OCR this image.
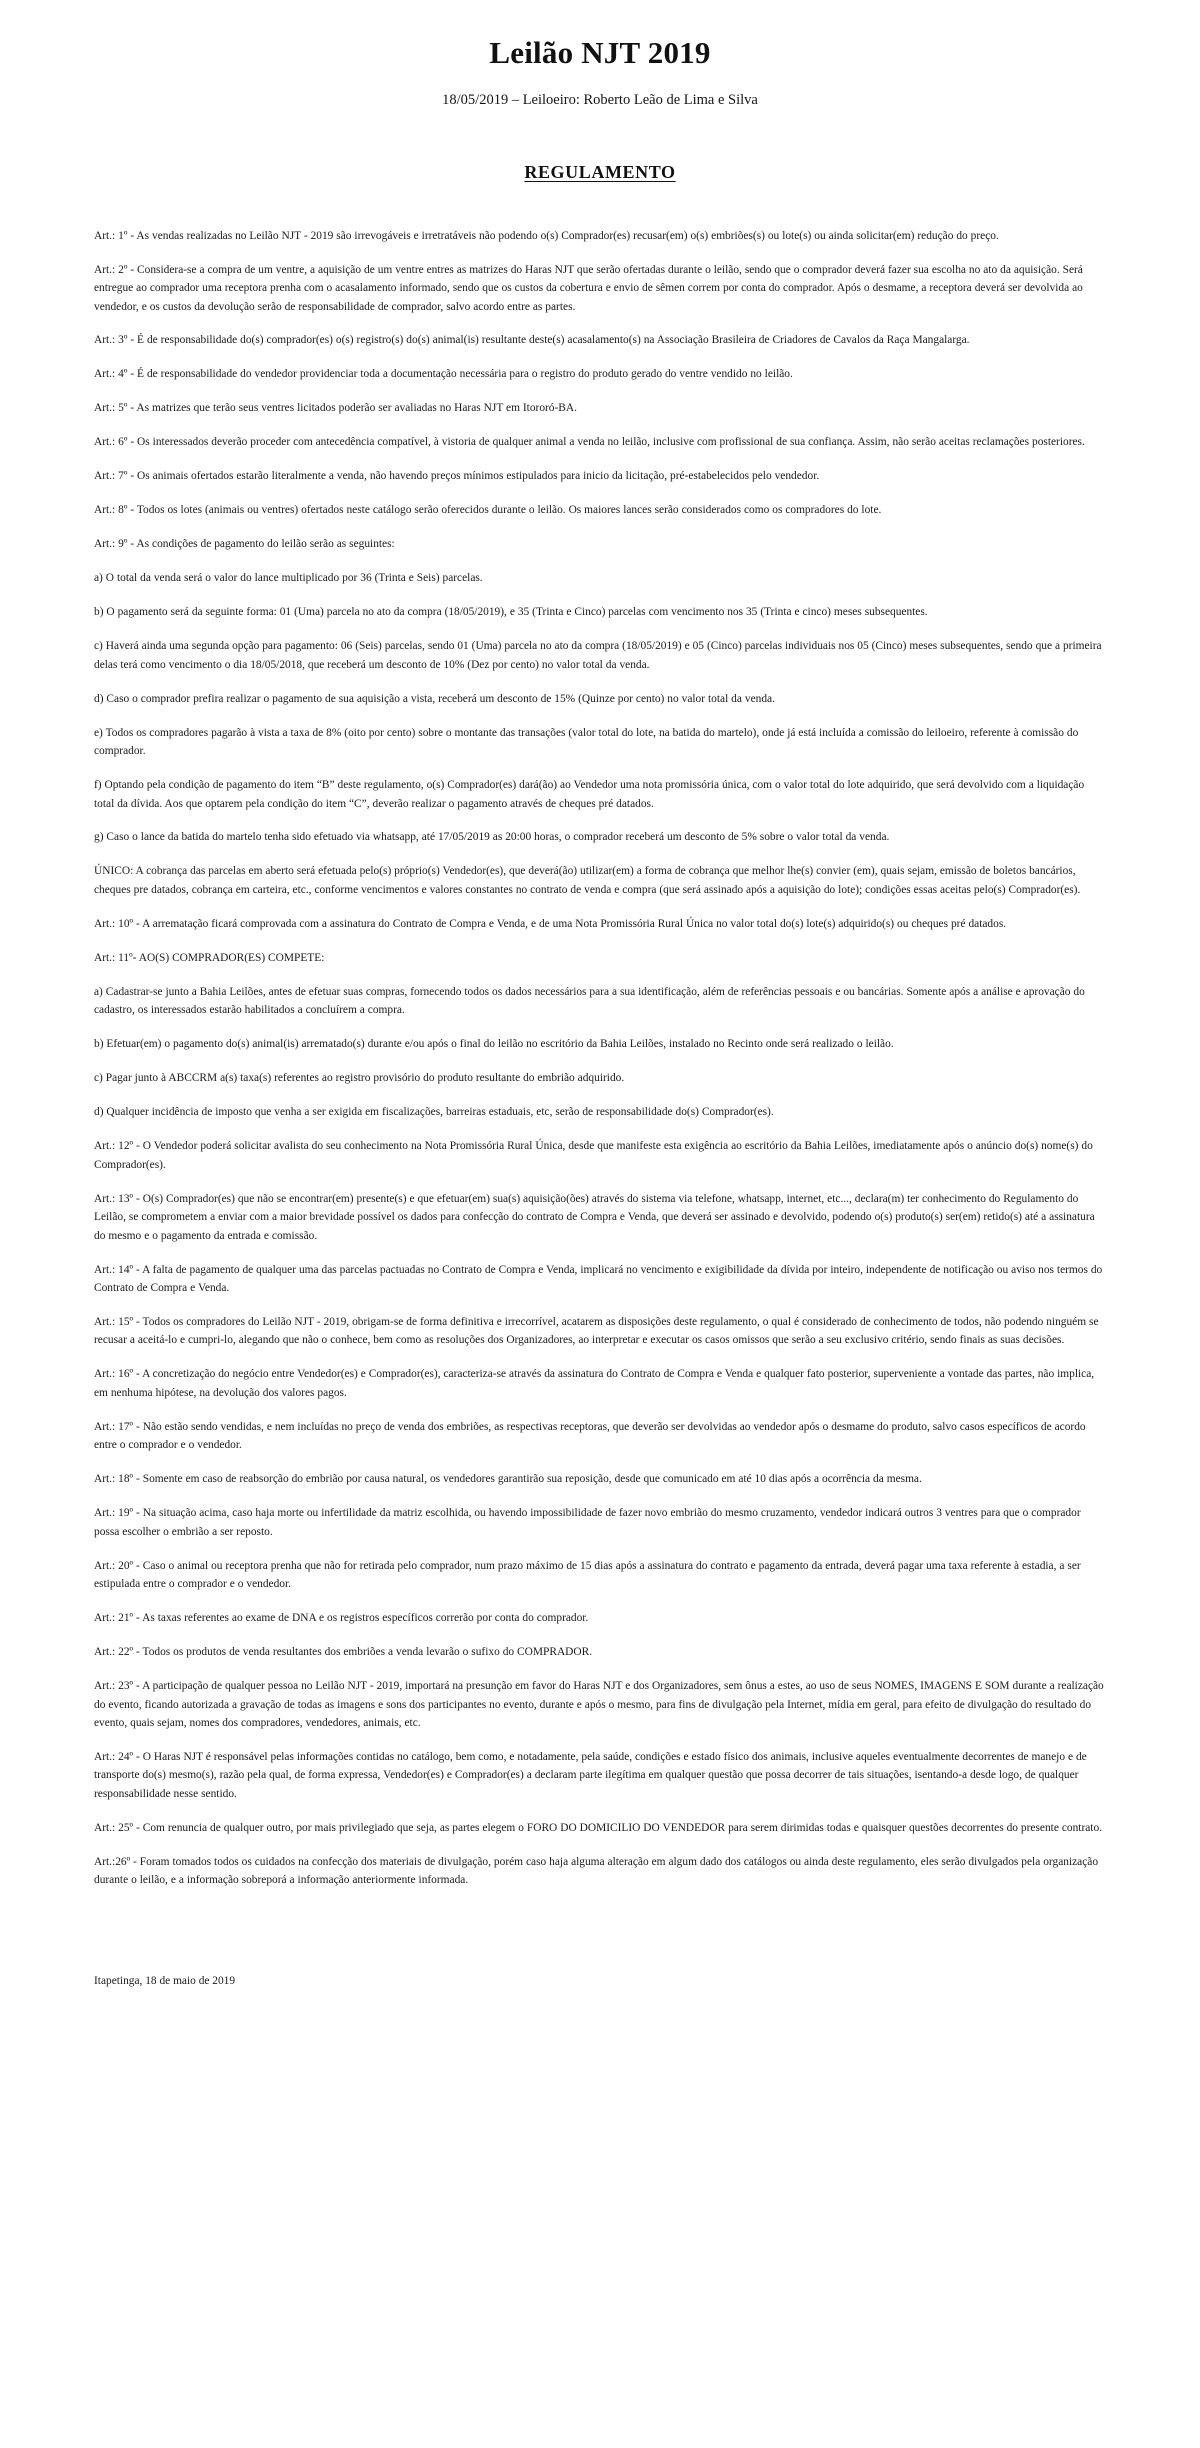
Leilão NJT 2019

18/05/2019 – Leiloeiro: Roberto Leão de Lima e Silva

REGULAMENTO

Art.: 1º - As vendas realizadas no Leilão NJT - 2019 são irrevogáveis e irretratáveis não podendo o(s) Comprador(es) recusar(em) o(s) embriões(s) ou lote(s) ou ainda solicitar(em) redução do preço.

Art.: 2º - Considera-se a compra de um ventre, a aquisição de um ventre entres as matrizes do Haras NJT que serão ofertadas durante o leilão, sendo que o comprador deverá fazer sua escolha no ato da aquisição. Será entregue ao comprador uma receptora prenha com o acasalamento informado, sendo que os custos da cobertura e envio de sêmen correm por conta do comprador. Após o desmame, a receptora deverá ser devolvida ao vendedor, e os custos da devolução serão de responsabilidade de comprador, salvo acordo entre as partes.

Art.: 3º - É de responsabilidade do(s) comprador(es) o(s) registro(s) do(s) animal(is) resultante deste(s) acasalamento(s) na Associação Brasileira de Criadores de Cavalos da Raça Mangalarga.

Art.: 4º - É de responsabilidade do vendedor providenciar toda a documentação necessária para o registro do produto gerado do ventre vendido no leilão.

Art.: 5º - As matrizes que terão seus ventres licitados poderão ser avaliadas no Haras NJT em Itororó-BA.

Art.: 6º - Os interessados deverão proceder com antecedência compatível, à vistoria de qualquer animal a venda no leilão, inclusive com profissional de sua confiança. Assim, não serão aceitas reclamações posteriores.

Art.: 7º - Os animais ofertados estarão literalmente a venda, não havendo preços mínimos estipulados para inicio da licitação, pré-estabelecidos pelo vendedor.

Art.: 8º - Todos os lotes (animais ou ventres) ofertados neste catálogo serão oferecidos durante o leilão. Os maiores lances serão considerados como os compradores do lote.

Art.: 9º - As condições de pagamento do leilão serão as seguintes:

a) O total da venda será o valor do lance multiplicado por 36 (Trinta e Seis) parcelas.

b) O pagamento será da seguinte forma: 01 (Uma) parcela no ato da compra (18/05/2019), e 35 (Trinta e Cinco) parcelas com vencimento nos 35 (Trinta e cinco) meses subsequentes.

c) Haverá ainda uma segunda opção para pagamento: 06 (Seis) parcelas, sendo 01 (Uma) parcela no ato da compra (18/05/2019) e 05 (Cinco) parcelas individuais nos 05 (Cinco) meses subsequentes, sendo que a primeira delas terá como vencimento o dia 18/05/2018, que receberá um desconto de 10% (Dez por cento) no valor total da venda.

d) Caso o comprador prefira realizar o pagamento de sua aquisição a vista, receberá um desconto de 15% (Quinze por cento) no valor total da venda.

e) Todos os compradores pagarão à vista a taxa de 8% (oito por cento) sobre o montante das transações (valor total do lote, na batida do martelo), onde já está incluída a comissão do leiloeiro, referente à comissão do comprador.

f) Optando pela condição de pagamento do item “B” deste regulamento, o(s) Comprador(es) dará(ão) ao Vendedor uma nota promissória única, com o valor total do lote adquirido, que será devolvido com a liquidação total da dívida. Aos que optarem pela condição do item “C”, deverão realizar o pagamento através de cheques pré datados.

g) Caso o lance da batida do martelo tenha sido efetuado via whatsapp, até 17/05/2019 as 20:00 horas, o comprador receberá um desconto de 5% sobre o valor total da venda.

ÚNICO: A cobrança das parcelas em aberto será efetuada pelo(s) próprio(s) Vendedor(es), que deverá(ão) utilizar(em) a forma de cobrança que melhor lhe(s) convier (em), quais sejam, emissão de boletos bancários, cheques pre datados, cobrança em carteira, etc., conforme vencimentos e valores constantes no contrato de venda e compra (que será assinado após a aquisição do lote); condições essas aceitas pelo(s) Comprador(es).

Art.: 10º - A arrematação ficará comprovada com a assinatura do Contrato de Compra e Venda, e de uma Nota Promissória Rural Única no valor total do(s) lote(s) adquirido(s) ou cheques pré datados.

Art.: 11º- AO(S) COMPRADOR(ES) COMPETE:

a) Cadastrar-se junto a Bahia Leilões, antes de efetuar suas compras, fornecendo todos os dados necessários para a sua identificação, além de referências pessoais e ou bancárias. Somente após a análise e aprovação do cadastro, os interessados estarão habilitados a concluírem a compra.

b) Efetuar(em) o pagamento do(s) animal(is) arrematado(s) durante e/ou após o final do leilão no escritório da Bahia Leilões, instalado no Recinto onde será realizado o leilão.

c) Pagar junto à ABCCRM a(s) taxa(s) referentes ao registro provisório do produto resultante do embrião adquirido.

d) Qualquer incidência de imposto que venha a ser exigida em fiscalizações, barreiras estaduais, etc, serão de responsabilidade do(s) Comprador(es).

Art.: 12º - O Vendedor poderá solicitar avalista do seu conhecimento na Nota Promissória Rural Única, desde que manifeste esta exigência ao escritório da Bahia Leilões, imediatamente após o anúncio do(s) nome(s) do Comprador(es).

Art.: 13º - O(s) Comprador(es) que não se encontrar(em) presente(s) e que efetuar(em) sua(s) aquisição(ões) através do sistema via telefone, whatsapp, internet, etc..., declara(m) ter conhecimento do Regulamento do Leilão, se comprometem a enviar com a maior brevidade possível os dados para confecção do contrato de Compra e Venda, que deverá ser assinado e devolvido, podendo o(s) produto(s) ser(em) retido(s) até a assinatura do mesmo e o pagamento da entrada e comissão.

Art.: 14º - A falta de pagamento de qualquer uma das parcelas pactuadas no Contrato de Compra e Venda, implicará no vencimento e exigibilidade da dívida por inteiro, independente de notificação ou aviso nos termos do Contrato de Compra e Venda.

Art.: 15º - Todos os compradores do Leilão NJT - 2019, obrigam-se de forma definitiva e irrecorrível, acatarem as disposições deste regulamento, o qual é considerado de conhecimento de todos, não podendo ninguém se recusar a aceitá-lo e cumpri-lo, alegando que não o conhece, bem como as resoluções dos Organizadores, ao interpretar e executar os casos omissos que serão a seu exclusivo critério, sendo finais as suas decisões.

Art.: 16º - A concretização do negócio entre Vendedor(es) e Comprador(es), caracteriza-se através da assinatura do Contrato de Compra e Venda e qualquer fato posterior, superveniente a vontade das partes, não implica, em nenhuma hipótese, na devolução dos valores pagos.

Art.: 17º - Não estão sendo vendidas, e nem incluídas no preço de venda dos embriões, as respectivas receptoras, que deverão ser devolvidas ao vendedor após o desmame do produto, salvo casos específicos de acordo entre o comprador e o vendedor.

Art.: 18º - Somente em caso de reabsorção do embrião por causa natural, os vendedores garantirão sua reposição, desde que comunicado em até 10 dias após a ocorrência da mesma.

Art.: 19º - Na situação acima, caso haja morte ou infertilidade da matriz escolhida, ou havendo impossibilidade de fazer novo embrião do mesmo cruzamento, vendedor indicará outros 3 ventres para que o comprador possa escolher o embrião a ser reposto.

Art.: 20º - Caso o animal ou receptora prenha que não for retirada pelo comprador, num prazo máximo de 15 dias após a assinatura do contrato e pagamento da entrada, deverá pagar uma taxa referente à estadia, a ser estipulada entre o comprador e o vendedor.

Art.: 21º - As taxas referentes ao exame de DNA e os registros específicos correrão por conta do comprador.

Art.: 22º - Todos os produtos de venda resultantes dos embriões a venda levarão o sufixo do COMPRADOR.

Art.: 23º - A participação de qualquer pessoa no Leilão NJT - 2019, importará na presunção em favor do Haras NJT e dos Organizadores, sem ônus a estes, ao uso de seus NOMES, IMAGENS E SOM durante a realização do evento, ficando autorizada a gravação de todas as imagens e sons dos participantes no evento, durante e após o mesmo, para fins de divulgação pela Internet, mídia em geral, para efeito de divulgação do resultado do evento, quais sejam, nomes dos compradores, vendedores, animais, etc.

Art.: 24º - O Haras NJT é responsável pelas informações contidas no catálogo, bem como, e notadamente, pela saúde, condições e estado físico dos animais, inclusive aqueles eventualmente decorrentes de manejo e de transporte do(s) mesmo(s), razão pela qual, de forma expressa, Vendedor(es) e Comprador(es) a declaram parte ilegítima em qualquer questão que possa decorrer de tais situações, isentando-a desde logo, de qualquer responsabilidade nesse sentido.

Art.: 25º - Com renuncia de qualquer outro, por mais privilegiado que seja, as partes elegem o FORO DO DOMICILIO DO VENDEDOR para serem dirimidas todas e quaisquer questões decorrentes do presente contrato.

Art.:26º - Foram tomados todos os cuidados na confecção dos materiais de divulgação, porém caso haja alguma alteração em algum dado dos catálogos ou ainda deste regulamento, eles serão divulgados pela organização durante o leilão, e a informação sobreporá a informação anteriormente informada.

Itapetinga, 18 de maio de 2019
